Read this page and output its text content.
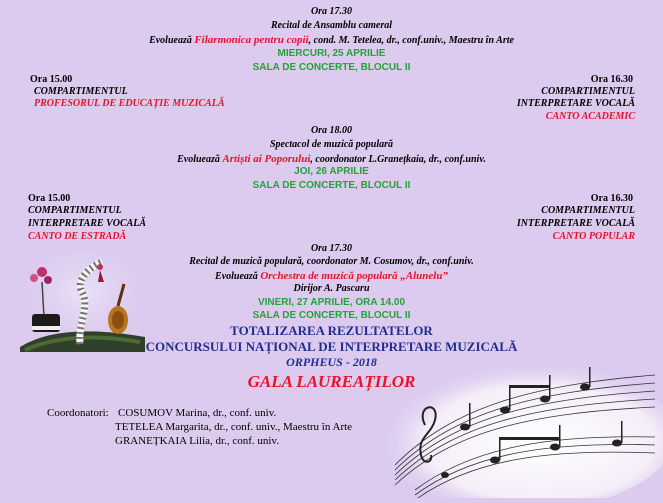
Ora 17.30
Recital de Ansamblu cameral
Evoluează Filarmonica pentru copii, cond. M. Tetelea, dr., conf.univ., Maestru în Arte
MIERCURI, 25 APRILIE
SALA DE CONCERTE, BLOCUL II
Ora 15.00
COMPARTIMENTUL
PROFESORUL DE EDUCAȚIE MUZICALĂ
Ora 16.30
COMPARTIMENTUL
INTERPRETARE VOCALĂ
CANTO ACADEMIC
Ora 18.00
Spectacol de muzică populară
Evoluează Artiști ai Poporului, coordonator L.Granețkaia, dr., conf.univ.
JOI, 26 APRILIE
SALA DE CONCERTE, BLOCUL II
Ora 15.00
COMPARTIMENTUL
INTERPRETARE VOCALĂ
CANTO DE ESTRADĂ
Ora 16.30
COMPARTIMENTUL
INTERPRETARE VOCALĂ
CANTO POPULAR
Ora 17.30
Recital de muzică populară, coordonator M. Cosumov, dr., conf.univ.
Evoluează Orchestra de muzică populară „Alunelu”
Dirijor A. Pascaru
VINERI, 27 APRILIE, ORA 14.00
SALA DE CONCERTE, BLOCUL II
TOTALIZAREA REZULTATELOR
CONCURSULUI NAȚIONAL DE INTERPRETARE MUZICALĂ
ORPHEUS - 2018
GALA LAUREAȚILOR
Coordonatori: COSUMOV Marina, dr., conf. univ.
TETELEA Margarita, dr., conf. univ., Maestru în Arte
GRANEȚKAIA Lilia, dr., conf. univ.
